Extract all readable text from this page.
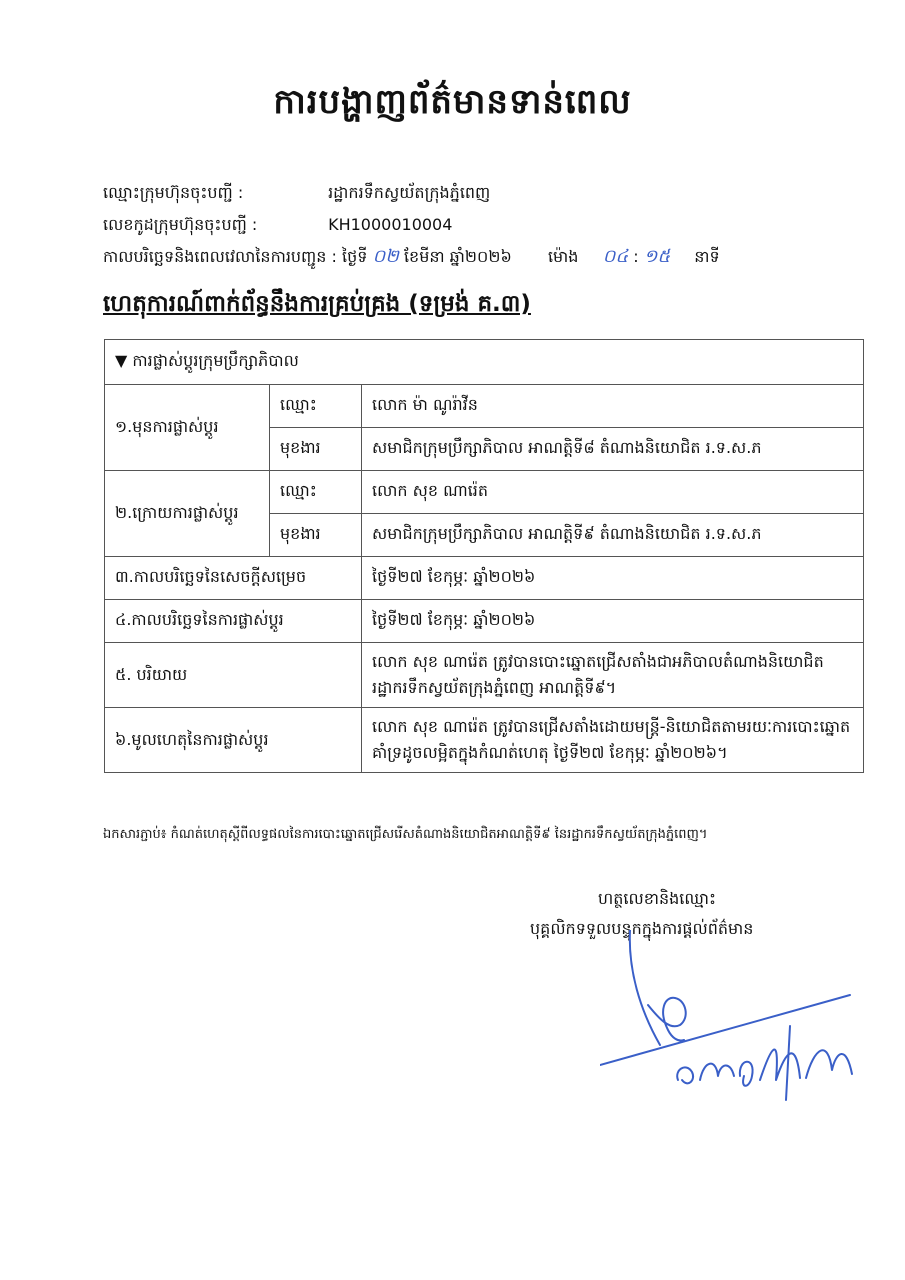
ការបង្ហាញព័ត៌មានទាន់ពេល
ឈ្មោះក្រុមហ៊ុនចុះបញ្ជី :	រដ្ឋាករទឹកស្វយ័តក្រុងភ្នំពេញ
លេខកូដក្រុមហ៊ុនចុះបញ្ជី :	KH1000010004
កាលបរិច្ឆេទនិងពេលវេលានៃការបញ្ជូន : ថ្ងៃទី ០២ ខែមីនា ឆ្នាំ២០២៦ ម៉ោង ០៤ : ១៥ នាទី
ហេតុការណ៍ពាក់ព័ន្ធនឹងការគ្រប់គ្រង (ទម្រង់ គ.៣)
▼ ការផ្លាស់ប្តូរក្រុមប្រឹក្សាភិបាល		
១.មុនការផ្លាស់ប្តូរ	ឈ្មោះ	លោក ម៉ា ណូរ៉ាវីន
	មុខងារ	សមាជិកក្រុមប្រឹក្សាភិបាល អាណត្តិទី៨ តំណាងនិយោជិត រ.ទ.ស.ភ
២.ក្រោយការផ្លាស់ប្តូរ	ឈ្មោះ	លោក សុខ ណារ៉េត
	មុខងារ	សមាជិកក្រុមប្រឹក្សាភិបាល អាណត្តិទី៩ តំណាងនិយោជិត រ.ទ.ស.ភ
៣.កាលបរិច្ឆេទនៃសេចក្តីសម្រេច		ថ្ងៃទី២៧ ខែកុម្ភៈ ឆ្នាំ២០២៦
៤.កាលបរិច្ឆេទនៃការផ្លាស់ប្តូរ		ថ្ងៃទី២៧ ខែកុម្ភៈ ឆ្នាំ២០២៦
៥. បរិយាយ		លោក សុខ ណារ៉េត ត្រូវបានបោះឆ្នោតជ្រើសតាំងជាអភិបាលតំណាងនិយោជិត រដ្ឋាករទឹកស្វយ័តក្រុងភ្នំពេញ អាណត្តិទី៩។
៦.មូលហេតុនៃការផ្លាស់ប្តូរ		លោក សុខ ណារ៉េត ត្រូវបានជ្រើសតាំងដោយមន្ត្រី-និយោជិតតាមរយៈការបោះឆ្នោតគាំទ្រដូចលម្អិតក្នុងកំណត់ហេតុ ថ្ងៃទី២៧ ខែកុម្ភៈ ឆ្នាំ២០២៦។
ឯកសារភ្ជាប់៖ កំណត់ហេតុស្តីពីលទ្ធផលនៃការបោះឆ្នោតជ្រើសរើសតំណាងនិយោជិតអាណត្តិទី៩ នៃរដ្ឋាករទឹកស្វយ័តក្រុងភ្នំពេញ។
ហត្ថលេខានិងឈ្មោះ
បុគ្គលិកទទួលបន្ទុកក្នុងការផ្តល់ព័ត៌មាន
